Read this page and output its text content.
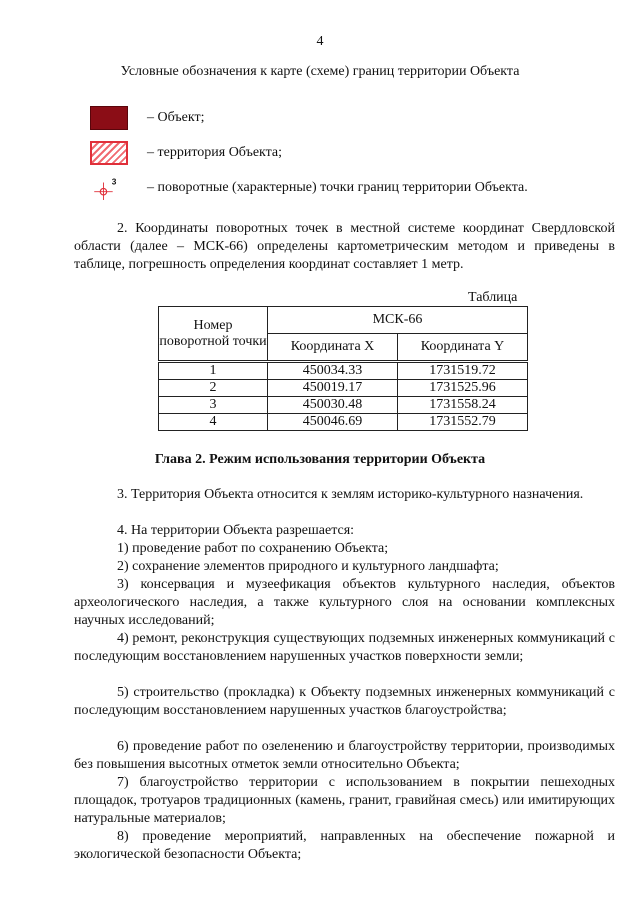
4
Условные обозначения к карте (схеме) границ территории Объекта
– Объект;
– территория Объекта;
3 – поворотные (характерные) точки границ территории Объекта.
2. Координаты поворотных точек в местной системе координат Свердловской области (далее – МСК-66) определены картометрическим методом и приведены в таблице, погрешность определения координат составляет 1 метр.
Таблица
Номер поворотной точки	МСК-66	
	Координата X	Координата Y
1	450034.33	1731519.72
2	450019.17	1731525.96
3	450030.48	1731558.24
4	450046.69	1731552.79
Глава 2. Режим использования территории Объекта
3. Территория Объекта относится к землям историко-культурного назначения.
4. На территории Объекта разрешается:
1) проведение работ по сохранению Объекта;
2) сохранение элементов природного и культурного ландшафта;
3) консервация и музеефикация объектов культурного наследия, объектов археологического наследия, а также культурного слоя на основании комплексных научных исследований;
4) ремонт, реконструкция существующих подземных инженерных коммуникаций с последующим восстановлением нарушенных участков поверхности земли;
5) строительство (прокладка) к Объекту подземных инженерных коммуникаций с последующим восстановлением нарушенных участков благоустройства;
6) проведение работ по озеленению и благоустройству территории, производимых без повышения высотных отметок земли относительно Объекта;
7) благоустройство территории с использованием в покрытии пешеходных площадок, тротуаров традиционных (камень, гранит, гравийная смесь) или имитирующих натуральные материалов;
8) проведение мероприятий, направленных на обеспечение пожарной и экологической безопасности Объекта;
